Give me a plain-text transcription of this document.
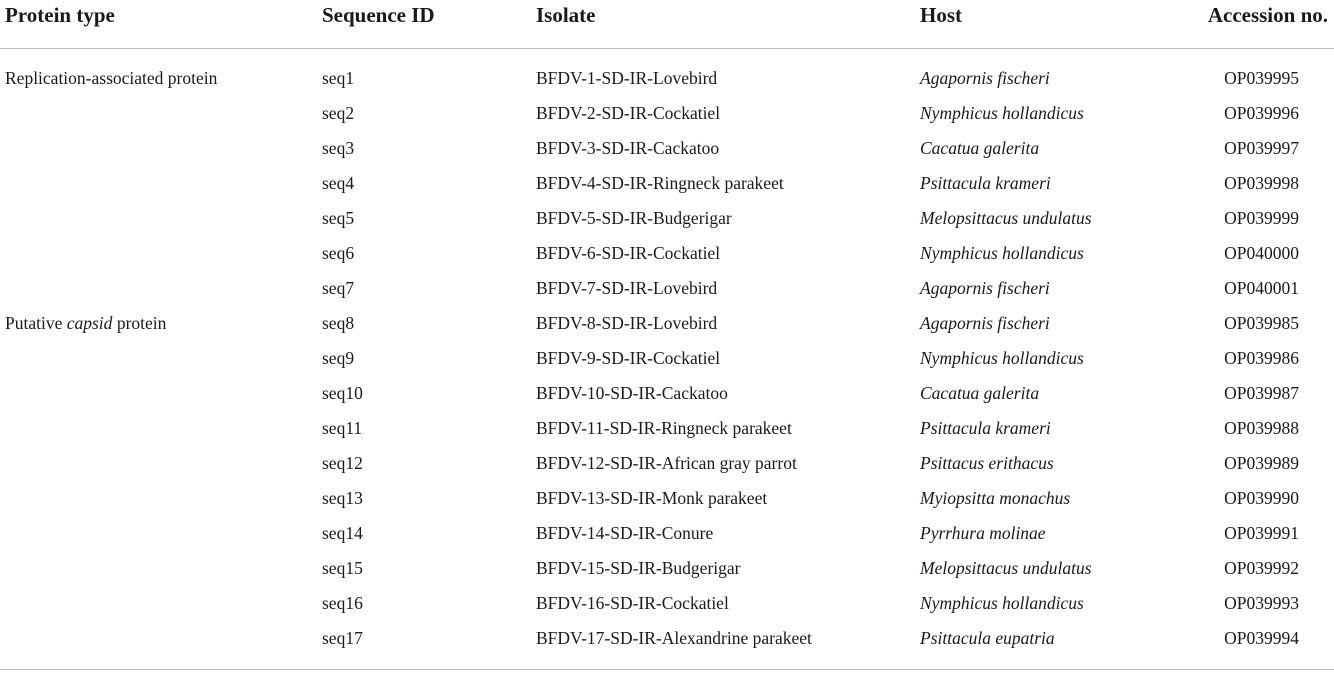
Protein type	Sequence ID	Isolate	Host	Accession no.
Replication-associated protein	seq1	BFDV-1-SD-IR-Lovebird	Agapornis fischeri	OP039995
	seq2	BFDV-2-SD-IR-Cockatiel	Nymphicus hollandicus	OP039996
	seq3	BFDV-3-SD-IR-Cackatoo	Cacatua galerita	OP039997
	seq4	BFDV-4-SD-IR-Ringneck parakeet	Psittacula krameri	OP039998
	seq5	BFDV-5-SD-IR-Budgerigar	Melopsittacus undulatus	OP039999
	seq6	BFDV-6-SD-IR-Cockatiel	Nymphicus hollandicus	OP040000
	seq7	BFDV-7-SD-IR-Lovebird	Agapornis fischeri	OP040001
Putative capsid protein	seq8	BFDV-8-SD-IR-Lovebird	Agapornis fischeri	OP039985
	seq9	BFDV-9-SD-IR-Cockatiel	Nymphicus hollandicus	OP039986
	seq10	BFDV-10-SD-IR-Cackatoo	Cacatua galerita	OP039987
	seq11	BFDV-11-SD-IR-Ringneck parakeet	Psittacula krameri	OP039988
	seq12	BFDV-12-SD-IR-African gray parrot	Psittacus erithacus	OP039989
	seq13	BFDV-13-SD-IR-Monk parakeet	Myiopsitta monachus	OP039990
	seq14	BFDV-14-SD-IR-Conure	Pyrrhura molinae	OP039991
	seq15	BFDV-15-SD-IR-Budgerigar	Melopsittacus undulatus	OP039992
	seq16	BFDV-16-SD-IR-Cockatiel	Nymphicus hollandicus	OP039993
	seq17	BFDV-17-SD-IR-Alexandrine parakeet	Psittacula eupatria	OP039994
